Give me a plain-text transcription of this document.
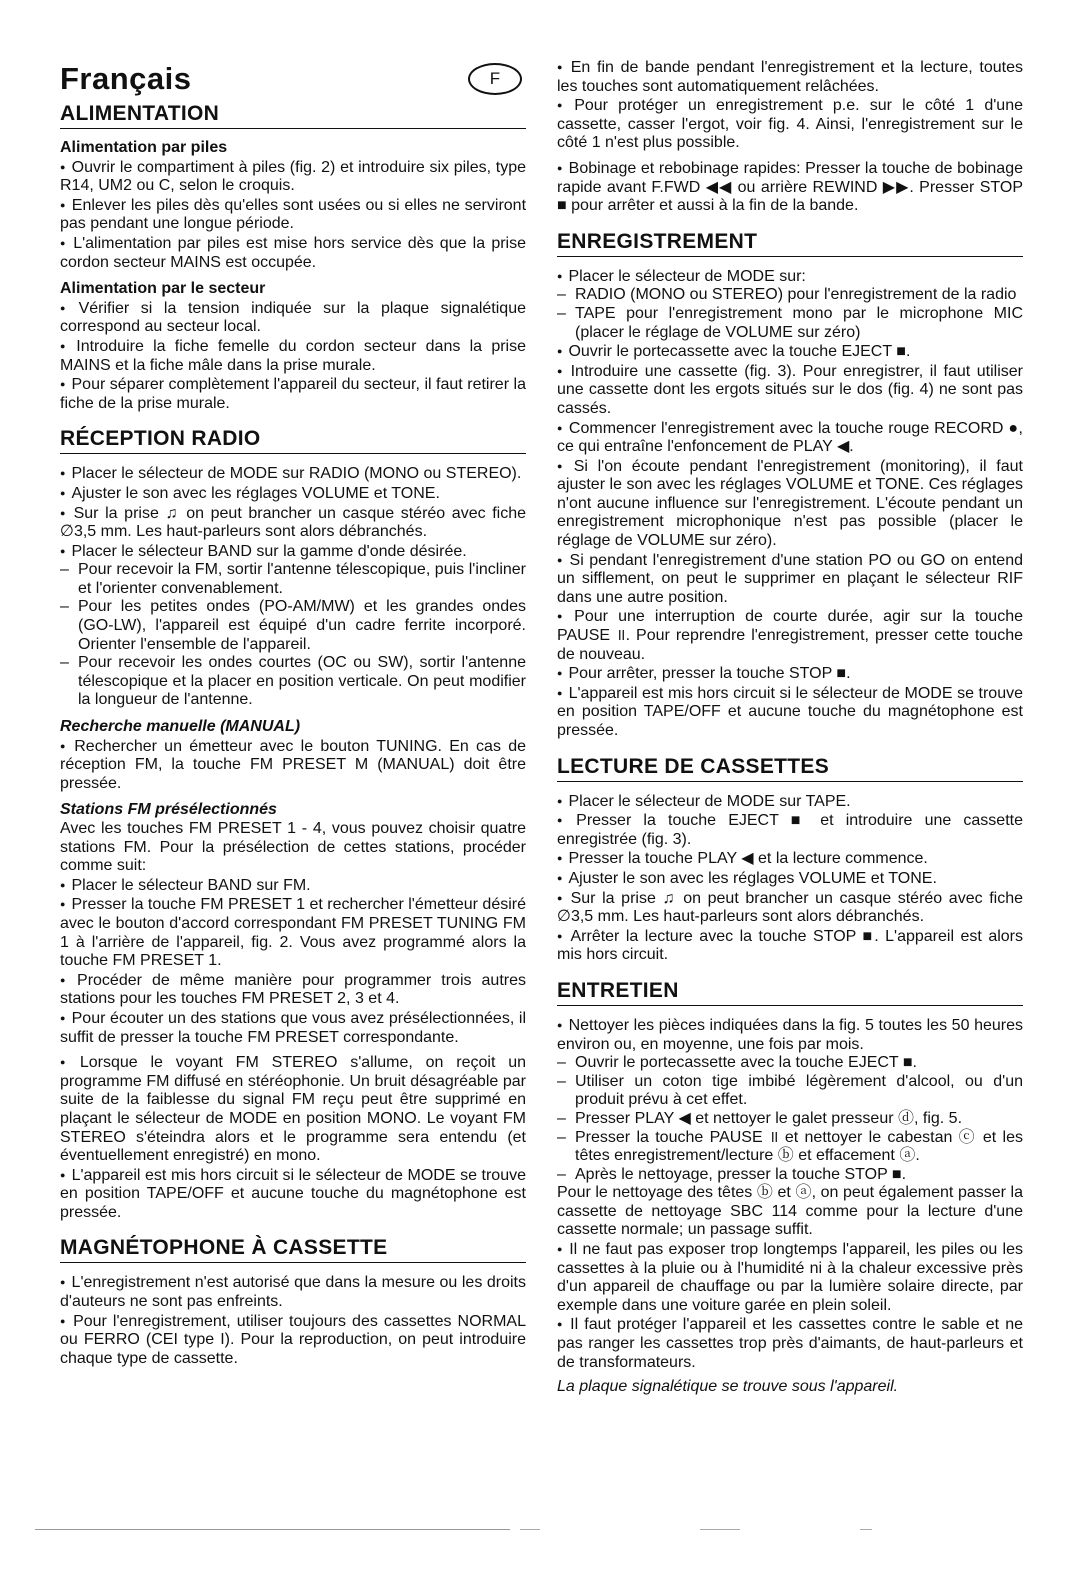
Français	F
ALIMENTATION
Alimentation par piles

● Ouvrir le compartiment à piles (fig. 2) et introduire six piles, type R14, UM2 ou C, selon le croquis.

● Enlever les piles dès qu'elles sont usées ou si elles ne serviront pas pendant une longue période.

● L'alimentation par piles est mise hors service dès que la prise cordon secteur MAINS est occupée.

Alimentation par le secteur

● Vérifier si la tension indiquée sur la plaque signalétique correspond au secteur local.

● Introduire la fiche femelle du cordon secteur dans la prise MAINS et la fiche mâle dans la prise murale.

● Pour séparer complètement l'appareil du secteur, il faut retirer la fiche de la prise murale.

RÉCEPTION RADIO

● Placer le sélecteur de MODE sur RADIO (MONO ou STEREO).

● Ajuster le son avec les réglages VOLUME et TONE.

● Sur la prise ♫ on peut brancher un casque stéréo avec fiche ∅3,5 mm. Les haut-parleurs sont alors débranchés.

● Placer le sélecteur BAND sur la gamme d'onde désirée.

– Pour recevoir la FM, sortir l'antenne télescopique, puis l'incliner et l'orienter convenablement.

– Pour les petites ondes (PO-AM/MW) et les grandes ondes (GO-LW), l'appareil est équipé d'un cadre ferrite incorporé. Orienter l'ensemble de l'appareil.

– Pour recevoir les ondes courtes (OC ou SW), sortir l'antenne télescopique et la placer en position verticale. On peut modifier la longueur de l'antenne.

Recherche manuelle (MANUAL)

● Rechercher un émetteur avec le bouton TUNING. En cas de réception FM, la touche FM PRESET M (MANUAL) doit être pressée.

Stations FM présélectionnés

Avec les touches FM PRESET 1 - 4, vous pouvez choisir quatre stations FM. Pour la présélection de cettes stations, procéder comme suit:

● Placer le sélecteur BAND sur FM.

● Presser la touche FM PRESET 1 et rechercher l'émetteur désiré avec le bouton d'accord correspondant FM PRESET TUNING FM 1 à l'arrière de l'appareil, fig. 2. Vous avez programmé alors la touche FM PRESET 1.

● Procéder de même manière pour programmer trois autres stations pour les touches FM PRESET 2, 3 et 4.

● Pour écouter un des stations que vous avez présélectionnées, il suffit de presser la touche FM PRESET correspondante.

● Lorsque le voyant FM STEREO s'allume, on reçoit un programme FM diffusé en stéréophonie. Un bruit désagréable par suite de la faiblesse du signal FM reçu peut être supprimé en plaçant le sélecteur de MODE en position MONO. Le voyant FM STEREO s'éteindra alors et le programme sera entendu (et éventuellement enregistré) en mono.

● L'appareil est mis hors circuit si le sélecteur de MODE se trouve en position TAPE/OFF et aucune touche du magnétophone est pressée.

MAGNÉTOPHONE À CASSETTE

● L'enregistrement n'est autorisé que dans la mesure ou les droits d'auteurs ne sont pas enfreints.

● Pour l'enregistrement, utiliser toujours des cassettes NORMAL ou FERRO (CEI type I). Pour la reproduction, on peut introduire chaque type de cassette.

● En fin de bande pendant l'enregistrement et la lecture, toutes les touches sont automatiquement relâchées.

● Pour protéger un enregistrement p.e. sur le côté 1 d'une cassette, casser l'ergot, voir fig. 4. Ainsi, l'enregistrement sur le côté 1 n'est plus possible.

● Bobinage et rebobinage rapides: Presser la touche de bobinage rapide avant F.FWD ◀◀ ou arrière REWIND ▶▶. Presser STOP ■ pour arrêter et aussi à la fin de la bande.

ENREGISTREMENT

● Placer le sélecteur de MODE sur:

– RADIO (MONO ou STEREO) pour l'enregistrement de la radio

– TAPE pour l'enregistrement mono par le microphone MIC (placer le réglage de VOLUME sur zéro)

● Ouvrir le portecassette avec la touche EJECT ■.

● Introduire une cassette (fig. 3). Pour enregistrer, il faut utiliser une cassette dont les ergots situés sur le dos (fig. 4) ne sont pas cassés.

● Commencer l'enregistrement avec la touche rouge RECORD ●, ce qui entraîne l'enfoncement de PLAY ◀.

● Si l'on écoute pendant l'enregistrement (monitoring), il faut ajuster le son avec les réglages VOLUME et TONE. Ces réglages n'ont aucune influence sur l'enregistrement. L'écoute pendant un enregistrement microphonique n'est pas possible (placer le réglage de VOLUME sur zéro).

● Si pendant l'enregistrement d'une station PO ou GO on entend un sifflement, on peut le supprimer en plaçant le sélecteur RIF dans une autre position.

● Pour une interruption de courte durée, agir sur la touche PAUSE ॥. Pour reprendre l'enregistrement, presser cette touche de nouveau.

● Pour arrêter, presser la touche STOP ■.

● L'appareil est mis hors circuit si le sélecteur de MODE se trouve en position TAPE/OFF et aucune touche du magnétophone est pressée.

LECTURE DE CASSETTES

● Placer le sélecteur de MODE sur TAPE.

● Presser la touche EJECT ■ et introduire une cassette enregistrée (fig. 3).

● Presser la touche PLAY ◀ et la lecture commence.

● Ajuster le son avec les réglages VOLUME et TONE.

● Sur la prise ♫ on peut brancher un casque stéréo avec fiche ∅3,5 mm. Les haut-parleurs sont alors débranchés.

● Arrêter la lecture avec la touche STOP ■. L'appareil est alors mis hors circuit.

ENTRETIEN

● Nettoyer les pièces indiquées dans la fig. 5 toutes les 50 heures environ ou, en moyenne, une fois par mois.

– Ouvrir le portecassette avec la touche EJECT ■.

– Utiliser un coton tige imbibé légèrement d'alcool, ou d'un produit prévu à cet effet.

– Presser PLAY ◀ et nettoyer le galet presseur ⓓ, fig. 5.

– Presser la touche PAUSE ॥ et nettoyer le cabestan ⓒ et les têtes enregistrement/lecture ⓑ et effacement ⓐ.

– Après le nettoyage, presser la touche STOP ■.

Pour le nettoyage des têtes ⓑ et ⓐ, on peut également passer la cassette de nettoyage SBC 114 comme pour la lecture d'une cassette normale; un passage suffit.

● Il ne faut pas exposer trop longtemps l'appareil, les piles ou les cassettes à la pluie ou à l'humidité ni à la chaleur excessive près d'un appareil de chauffage ou par la lumière solaire directe, par exemple dans une voiture garée en plein soleil.

● Il faut protéger l'appareil et les cassettes contre le sable et ne pas ranger les cassettes trop près d'aimants, de haut-parleurs et de transformateurs.

La plaque signalétique se trouve sous l'appareil.
